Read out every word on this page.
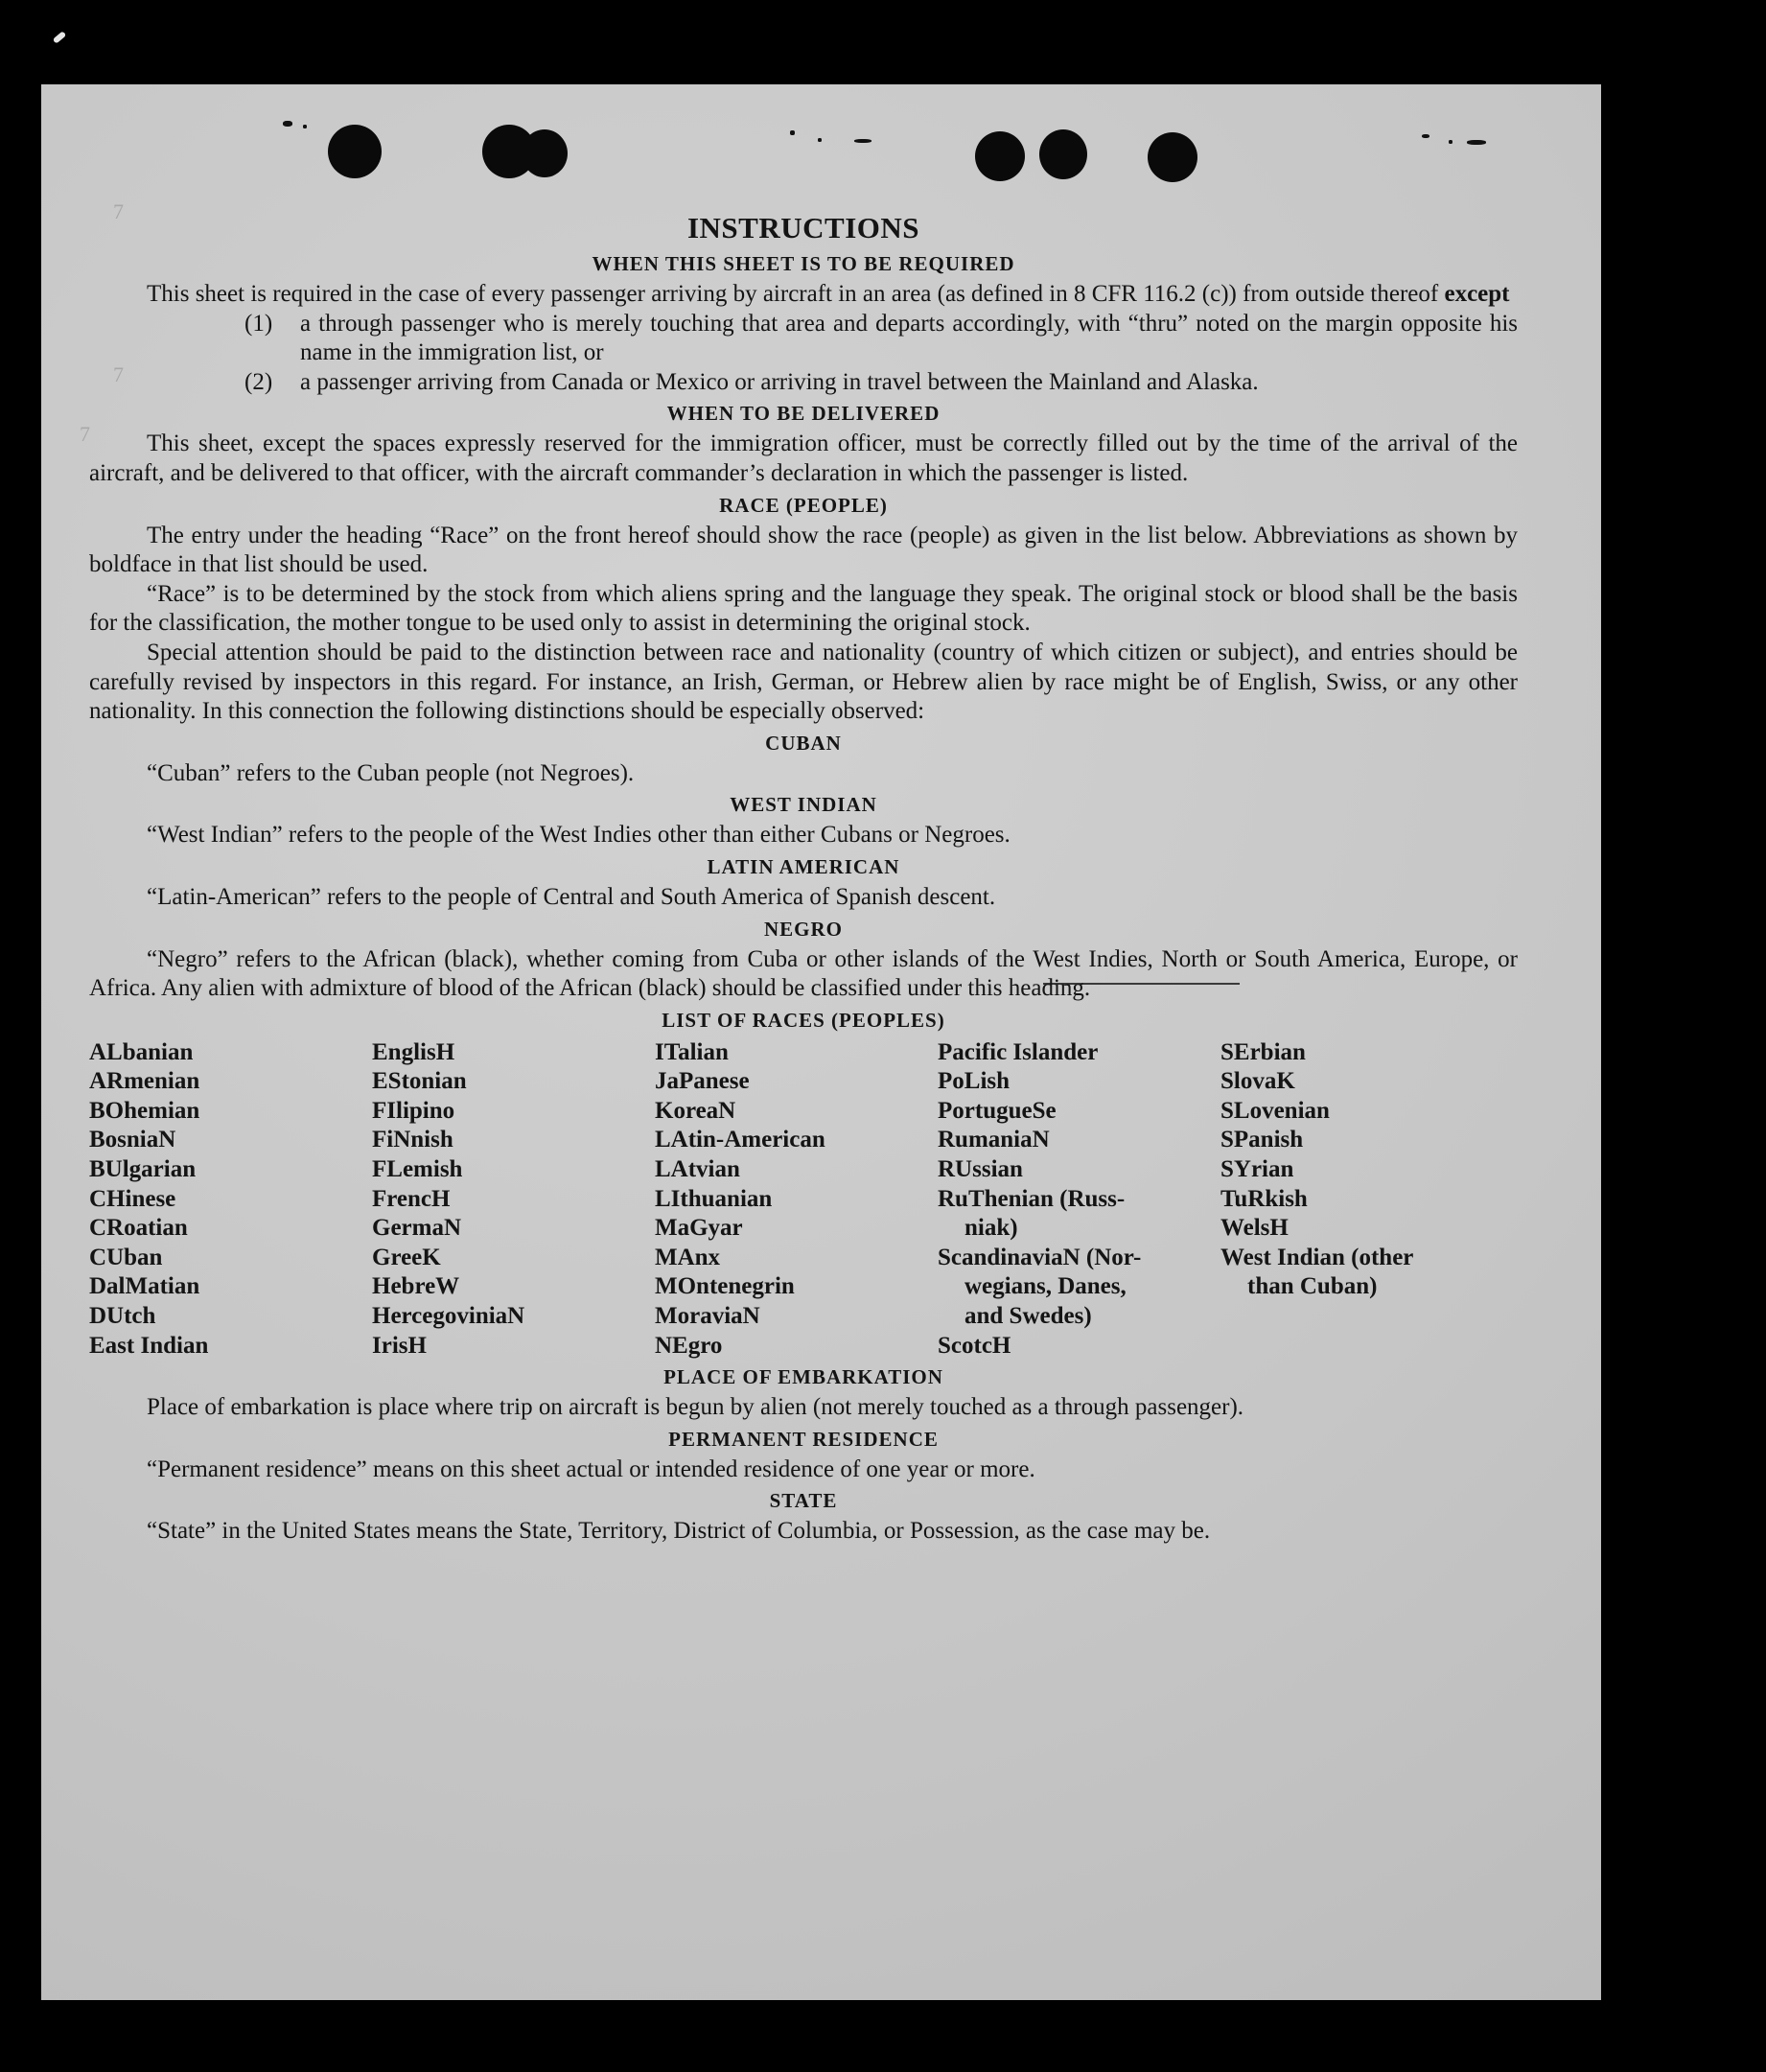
7
7
7
INSTRUCTIONS
WHEN THIS SHEET IS TO BE REQUIRED

This sheet is required in the case of every passenger arriving by aircraft in an area (as defined in 8 CFR 116.2 (c)) from outside thereof except

(1)	a through passenger who is merely touching that area and departs accordingly, with “thru” noted on the margin opposite his name in the immigration list, or
(2)	a passenger arriving from Canada or Mexico or arriving in travel between the Mainland and Alaska.
WHEN TO BE DELIVERED

This sheet, except the spaces expressly reserved for the immigration officer, must be correctly filled out by the time of the arrival of the aircraft, and be delivered to that officer, with the aircraft commander’s declaration in which the passenger is listed.

RACE (PEOPLE)

The entry under the heading “Race” on the front hereof should show the race (people) as given in the list below. Abbreviations as shown by boldface in that list should be used.

“Race” is to be determined by the stock from which aliens spring and the language they speak. The original stock or blood shall be the basis for the classification, the mother tongue to be used only to assist in determining the original stock.

Special attention should be paid to the distinction between race and nationality (country of which citizen or subject), and entries should be carefully revised by inspectors in this regard. For instance, an Irish, German, or Hebrew alien by race might be of English, Swiss, or any other nationality. In this connection the following distinctions should be especially observed:

CUBAN

“Cuban” refers to the Cuban people (not Negroes).

WEST INDIAN

“West Indian” refers to the people of the West Indies other than either Cubans or Negroes.

LATIN AMERICAN

“Latin-American” refers to the people of Central and South America of Spanish descent.

NEGRO

“Negro” refers to the African (black), whether coming from Cuba or other islands of the West Indies, North or South America, Europe, or Africa. Any alien with admixture of blood of the African (black) should be classified under this heading.

LIST OF RACES (PEOPLES)
ALbanian
ARmenian
BOhemian
BosniaN
BUlgarian
CHinese
CRoatian
CUban
DalMatian
DUtch
East Indian
EnglisH
EStonian
FIlipino
FiNnish
FLemish
FrencH
GermaN
GreeK
HebreW
HercegoviniaN
IrisH
ITalian
JaPanese
KoreaN
LAtin-American
LAtvian
LIthuanian
MaGyar
MAnx
MOntenegrin
MoraviaN
NEgro
Pacific Islander
PoLish
PortugueSe
RumaniaN
RUssian
RuThenian (Russ-
niak)
ScandinaviaN (Nor-
wegians, Danes,
and Swedes)
ScotcH
SErbian
SlovaK
SLovenian
SPanish
SYrian
TuRkish
WelsH
West Indian (other
than Cuban)
PLACE OF EMBARKATION

Place of embarkation is place where trip on aircraft is begun by alien (not merely touched as a through passenger).

PERMANENT RESIDENCE

“Permanent residence” means on this sheet actual or intended residence of one year or more.

STATE

“State” in the United States means the State, Territory, District of Columbia, or Possession, as the case may be.
